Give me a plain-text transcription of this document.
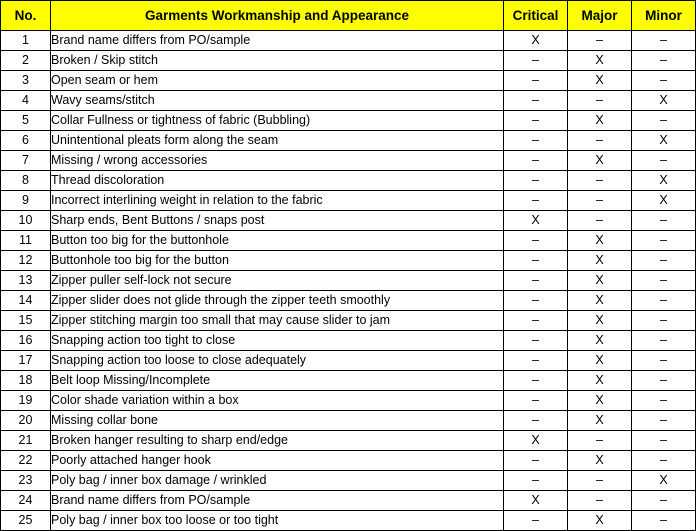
No.	Garments Workmanship and Appearance	Critical	Major	Minor
1	Brand name differs from PO/sample	X	–	–
2	Broken / Skip stitch	–	X	–
3	Open seam or hem	–	X	–
4	Wavy seams/stitch	–	–	X
5	Collar Fullness or tightness of fabric (Bubbling)	–	X	–
6	Unintentional pleats form along the seam	–	–	X
7	Missing / wrong accessories	–	X	–
8	Thread discoloration	–	–	X
9	Incorrect interlining weight in relation to the fabric	–	–	X
10	Sharp ends, Bent Buttons / snaps post	X	–	–
11	Button too big for the buttonhole	–	X	–
12	Buttonhole too big for the button	–	X	–
13	Zipper puller self-lock not secure	–	X	–
14	Zipper slider does not glide through the zipper teeth smoothly	–	X	–
15	Zipper stitching margin too small that may cause slider to jam	–	X	–
16	Snapping action too tight to close	–	X	–
17	Snapping action too loose to close adequately	–	X	–
18	Belt loop Missing/Incomplete	–	X	–
19	Color shade variation within a box	–	X	–
20	Missing collar bone	–	X	–
21	Broken hanger resulting to sharp end/edge	X	–	–
22	Poorly attached hanger hook	–	X	–
23	Poly bag / inner box damage / wrinkled	–	–	X
24	Brand name differs from PO/sample	X	–	–
25	Poly bag / inner box too loose or too tight	–	X	–
